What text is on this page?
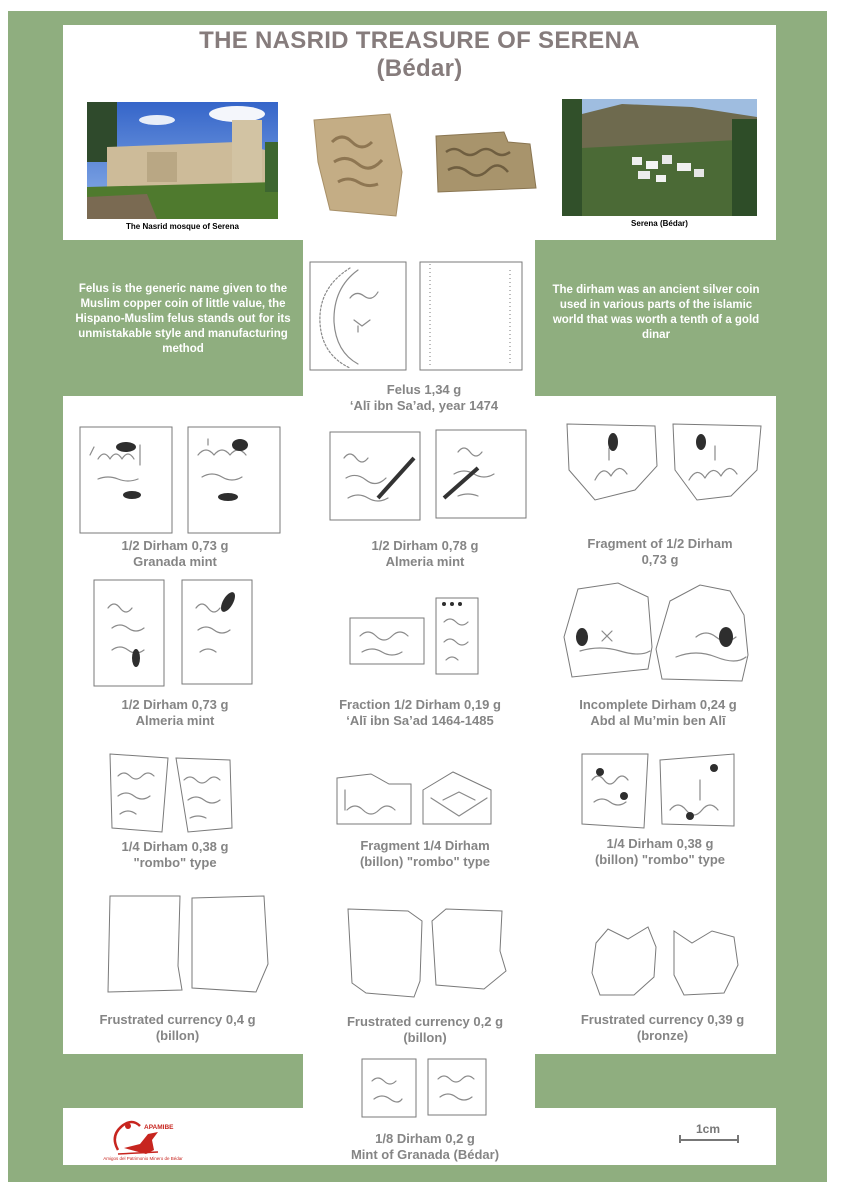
THE NASRID TREASURE OF SERENA
(Bédar)
The Nasrid mosque of Serena	Serena (Bédar)
Felus is the generic name given to the Muslim copper coin of little value, the Hispano-Muslim felus stands out for its unmistakable style and manufacturing method
The dirham was an ancient silver coin used in various parts of the islamic world that was worth a tenth of a gold dinar
Felus 1,34 g
‘Alī ibn Sa’ad, year 1474
1/2 Dirham 0,73 g
Granada mint
1/2 Dirham 0,78 g
Almeria mint
Fragment of 1/2 Dirham
0,73 g
1/2 Dirham 0,73 g
Almeria mint
Fraction 1/2 Dirham 0,19 g
‘Alī ibn Sa’ad 1464-1485
Incomplete Dirham 0,24 g
Abd al Mu’min ben Alī
1/4 Dirham 0,38 g
"rombo" type
Fragment 1/4 Dirham
(billon) "rombo" type
1/4 Dirham 0,38 g
(billon) "rombo" type
Frustrated currency 0,4 g
(billon)
Frustrated currency 0,2 g
(billon)
Frustrated currency 0,39 g
(bronze)
1/8 Dirham 0,2 g
Mint of Granada (Bédar)
APAMIBE
Amigos del Patrimonio Minero de Bédar
1cm
